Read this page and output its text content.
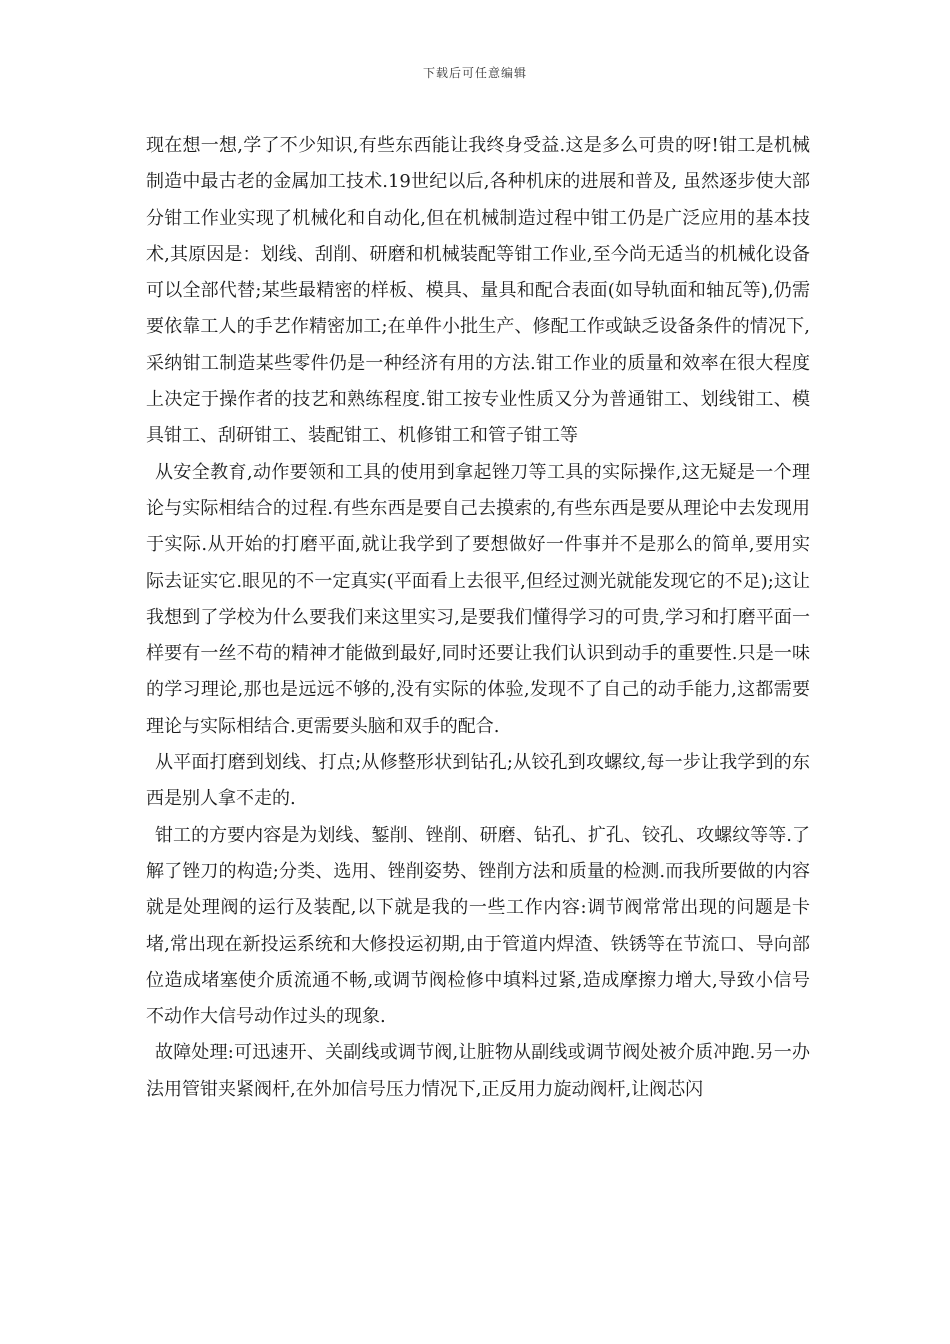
下载后可任意编辑

现在想一想,学了不少知识,有些东西能让我终身受益.这是多么可贵的呀!钳工是机械制造中最古老的金属加工技术.19世纪以后,各种机床的进展和普及, 虽然逐步使大部分钳工作业实现了机械化和自动化,但在机械制造过程中钳工仍是广泛应用的基本技术,其原因是：划线、刮削、研磨和机械装配等钳工作业,至今尚无适当的机械化设备可以全部代替;某些最精密的样板、模具、量具和配合表面(如导轨面和轴瓦等),仍需要依靠工人的手艺作精密加工;在单件小批生产、修配工作或缺乏设备条件的情况下,采纳钳工制造某些零件仍是一种经济有用的方法.钳工作业的质量和效率在很大程度上决定于操作者的技艺和熟练程度.钳工按专业性质又分为普通钳工、划线钳工、模具钳工、刮研钳工、装配钳工、机修钳工和管子钳工等

从安全教育,动作要领和工具的使用到拿起锉刀等工具的实际操作,这无疑是一个理论与实际相结合的过程.有些东西是要自己去摸索的,有些东西是要从理论中去发现用于实际.从开始的打磨平面,就让我学到了要想做好一件事并不是那么的简单,要用实际去证实它.眼见的不一定真实(平面看上去很平,但经过测光就能发现它的不足);这让我想到了学校为什么要我们来这里实习,是要我们懂得学习的可贵,学习和打磨平面一样要有一丝不苟的精神才能做到最好,同时还要让我们认识到动手的重要性.只是一味的学习理论,那也是远远不够的,没有实际的体验,发现不了自己的动手能力,这都需要理论与实际相结合.更需要头脑和双手的配合.

从平面打磨到划线、打点;从修整形状到钻孔;从铰孔到攻螺纹,每一步让我学到的东西是别人拿不走的.

钳工的方要内容是为划线、錾削、锉削、研磨、钻孔、扩孔、铰孔、攻螺纹等等.了解了锉刀的构造;分类、选用、锉削姿势、锉削方法和质量的检测.而我所要做的内容就是处理阀的运行及装配,以下就是我的一些工作内容:调节阀常常出现的问题是卡堵,常出现在新投运系统和大修投运初期,由于管道内焊渣、铁锈等在节流口、导向部位造成堵塞使介质流通不畅,或调节阀检修中填料过紧,造成摩擦力增大,导致小信号不动作大信号动作过头的现象.

故障处理:可迅速开、关副线或调节阀,让脏物从副线或调节阀处被介质冲跑.另一办法用管钳夹紧阀杆,在外加信号压力情况下,正反用力旋动阀杆,让阀芯闪
